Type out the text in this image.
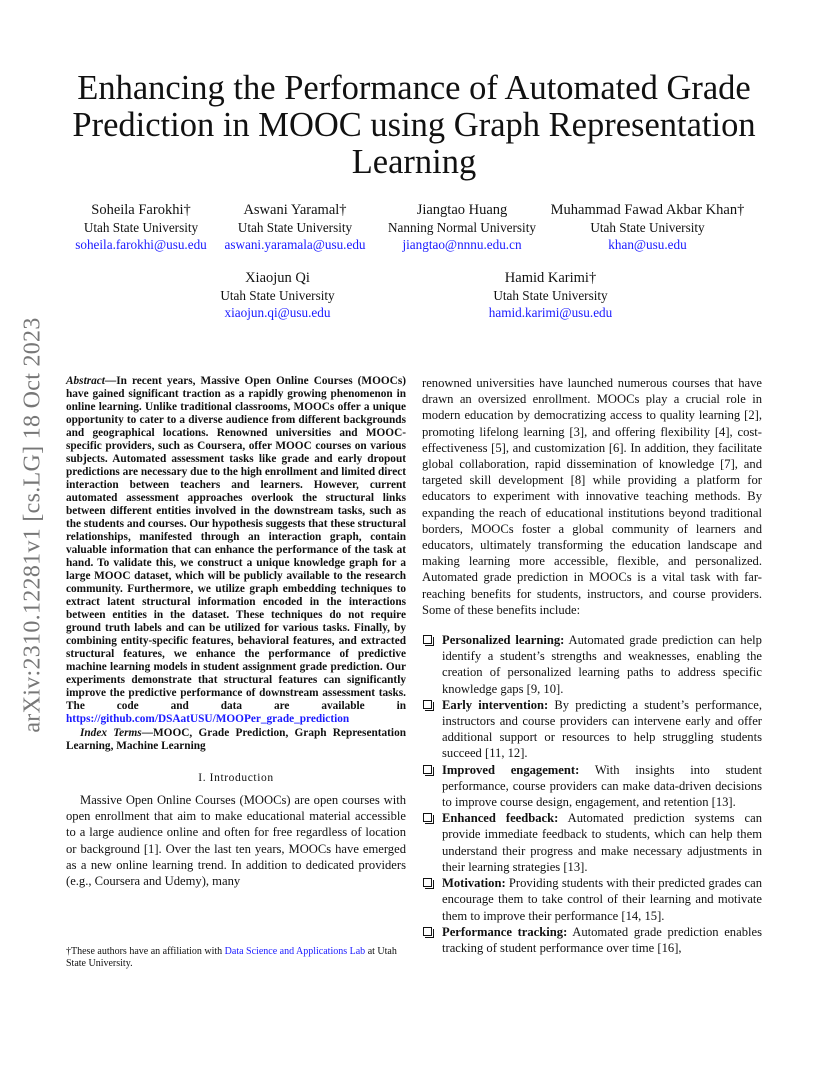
arXiv:2310.12281v1 [cs.LG] 18 Oct 2023
Enhancing the Performance of Automated Grade Prediction in MOOC using Graph Representation Learning
Soheila Farokhi†
Utah State University
soheila.farokhi@usu.edu
Aswani Yaramal†
Utah State University
aswani.yaramala@usu.edu
Jiangtao Huang
Nanning Normal University
jiangtao@nnnu.edu.cn
Muhammad Fawad Akbar Khan†
Utah State University
khan@usu.edu
Xiaojun Qi
Utah State University
xiaojun.qi@usu.edu
Hamid Karimi†
Utah State University
hamid.karimi@usu.edu

Abstract—In recent years, Massive Open Online Courses (MOOCs) have gained significant traction as a rapidly growing phenomenon in online learning. Unlike traditional classrooms, MOOCs offer a unique opportunity to cater to a diverse audience from different backgrounds and geographical locations. Renowned universities and MOOC-specific providers, such as Coursera, offer MOOC courses on various subjects. Automated assessment tasks like grade and early dropout predictions are necessary due to the high enrollment and limited direct interaction between teachers and learners. However, current automated assessment approaches overlook the structural links between different entities involved in the downstream tasks, such as the students and courses. Our hypothesis suggests that these structural relationships, manifested through an interaction graph, contain valuable information that can enhance the performance of the task at hand. To validate this, we construct a unique knowledge graph for a large MOOC dataset, which will be publicly available to the research community. Furthermore, we utilize graph embedding techniques to extract latent structural information encoded in the interactions between entities in the dataset. These techniques do not require ground truth labels and can be utilized for various tasks. Finally, by combining entity-specific features, behavioral features, and extracted structural features, we enhance the performance of predictive machine learning models in student assignment grade prediction. Our experiments demonstrate that structural features can significantly improve the predictive performance of downstream assessment tasks. The code and data are available in https://github.com/DSAatUSU/MOOPer_grade_prediction

Index Terms—MOOC, Grade Prediction, Graph Representation Learning, Machine Learning

I. Introduction

Massive Open Online Courses (MOOCs) are open courses with open enrollment that aim to make educational material accessible to a large audience online and often for free regardless of location or background [1]. Over the last ten years, MOOCs have emerged as a new online learning trend. In addition to dedicated providers (e.g., Coursera and Udemy), many

†These authors have an affiliation with Data Science and Applications Lab at Utah State University.

renowned universities have launched numerous courses that have drawn an oversized enrollment. MOOCs play a crucial role in modern education by democratizing access to quality learning [2], promoting lifelong learning [3], and offering flexibility [4], cost-effectiveness [5], and customization [6]. In addition, they facilitate global collaboration, rapid dissemination of knowledge [7], and targeted skill development [8] while providing a platform for educators to experiment with innovative teaching methods. By expanding the reach of educational institutions beyond traditional borders, MOOCs foster a global community of learners and educators, ultimately transforming the education landscape and making learning more accessible, flexible, and personalized. Automated grade prediction in MOOCs is a vital task with far-reaching benefits for students, instructors, and course providers. Some of these benefits include:

Personalized learning: Automated grade prediction can help identify a student’s strengths and weaknesses, enabling the creation of personalized learning paths to address specific knowledge gaps [9, 10].
Early intervention: By predicting a student’s performance, instructors and course providers can intervene early and offer additional support or resources to help struggling students succeed [11, 12].
Improved engagement: With insights into student performance, course providers can make data-driven decisions to improve course design, engagement, and retention [13].
Enhanced feedback: Automated prediction systems can provide immediate feedback to students, which can help them understand their progress and make necessary adjustments in their learning strategies [13].
Motivation: Providing students with their predicted grades can encourage them to take control of their learning and motivate them to improve their performance [14, 15].
Performance tracking: Automated grade prediction enables tracking of student performance over time [16],
